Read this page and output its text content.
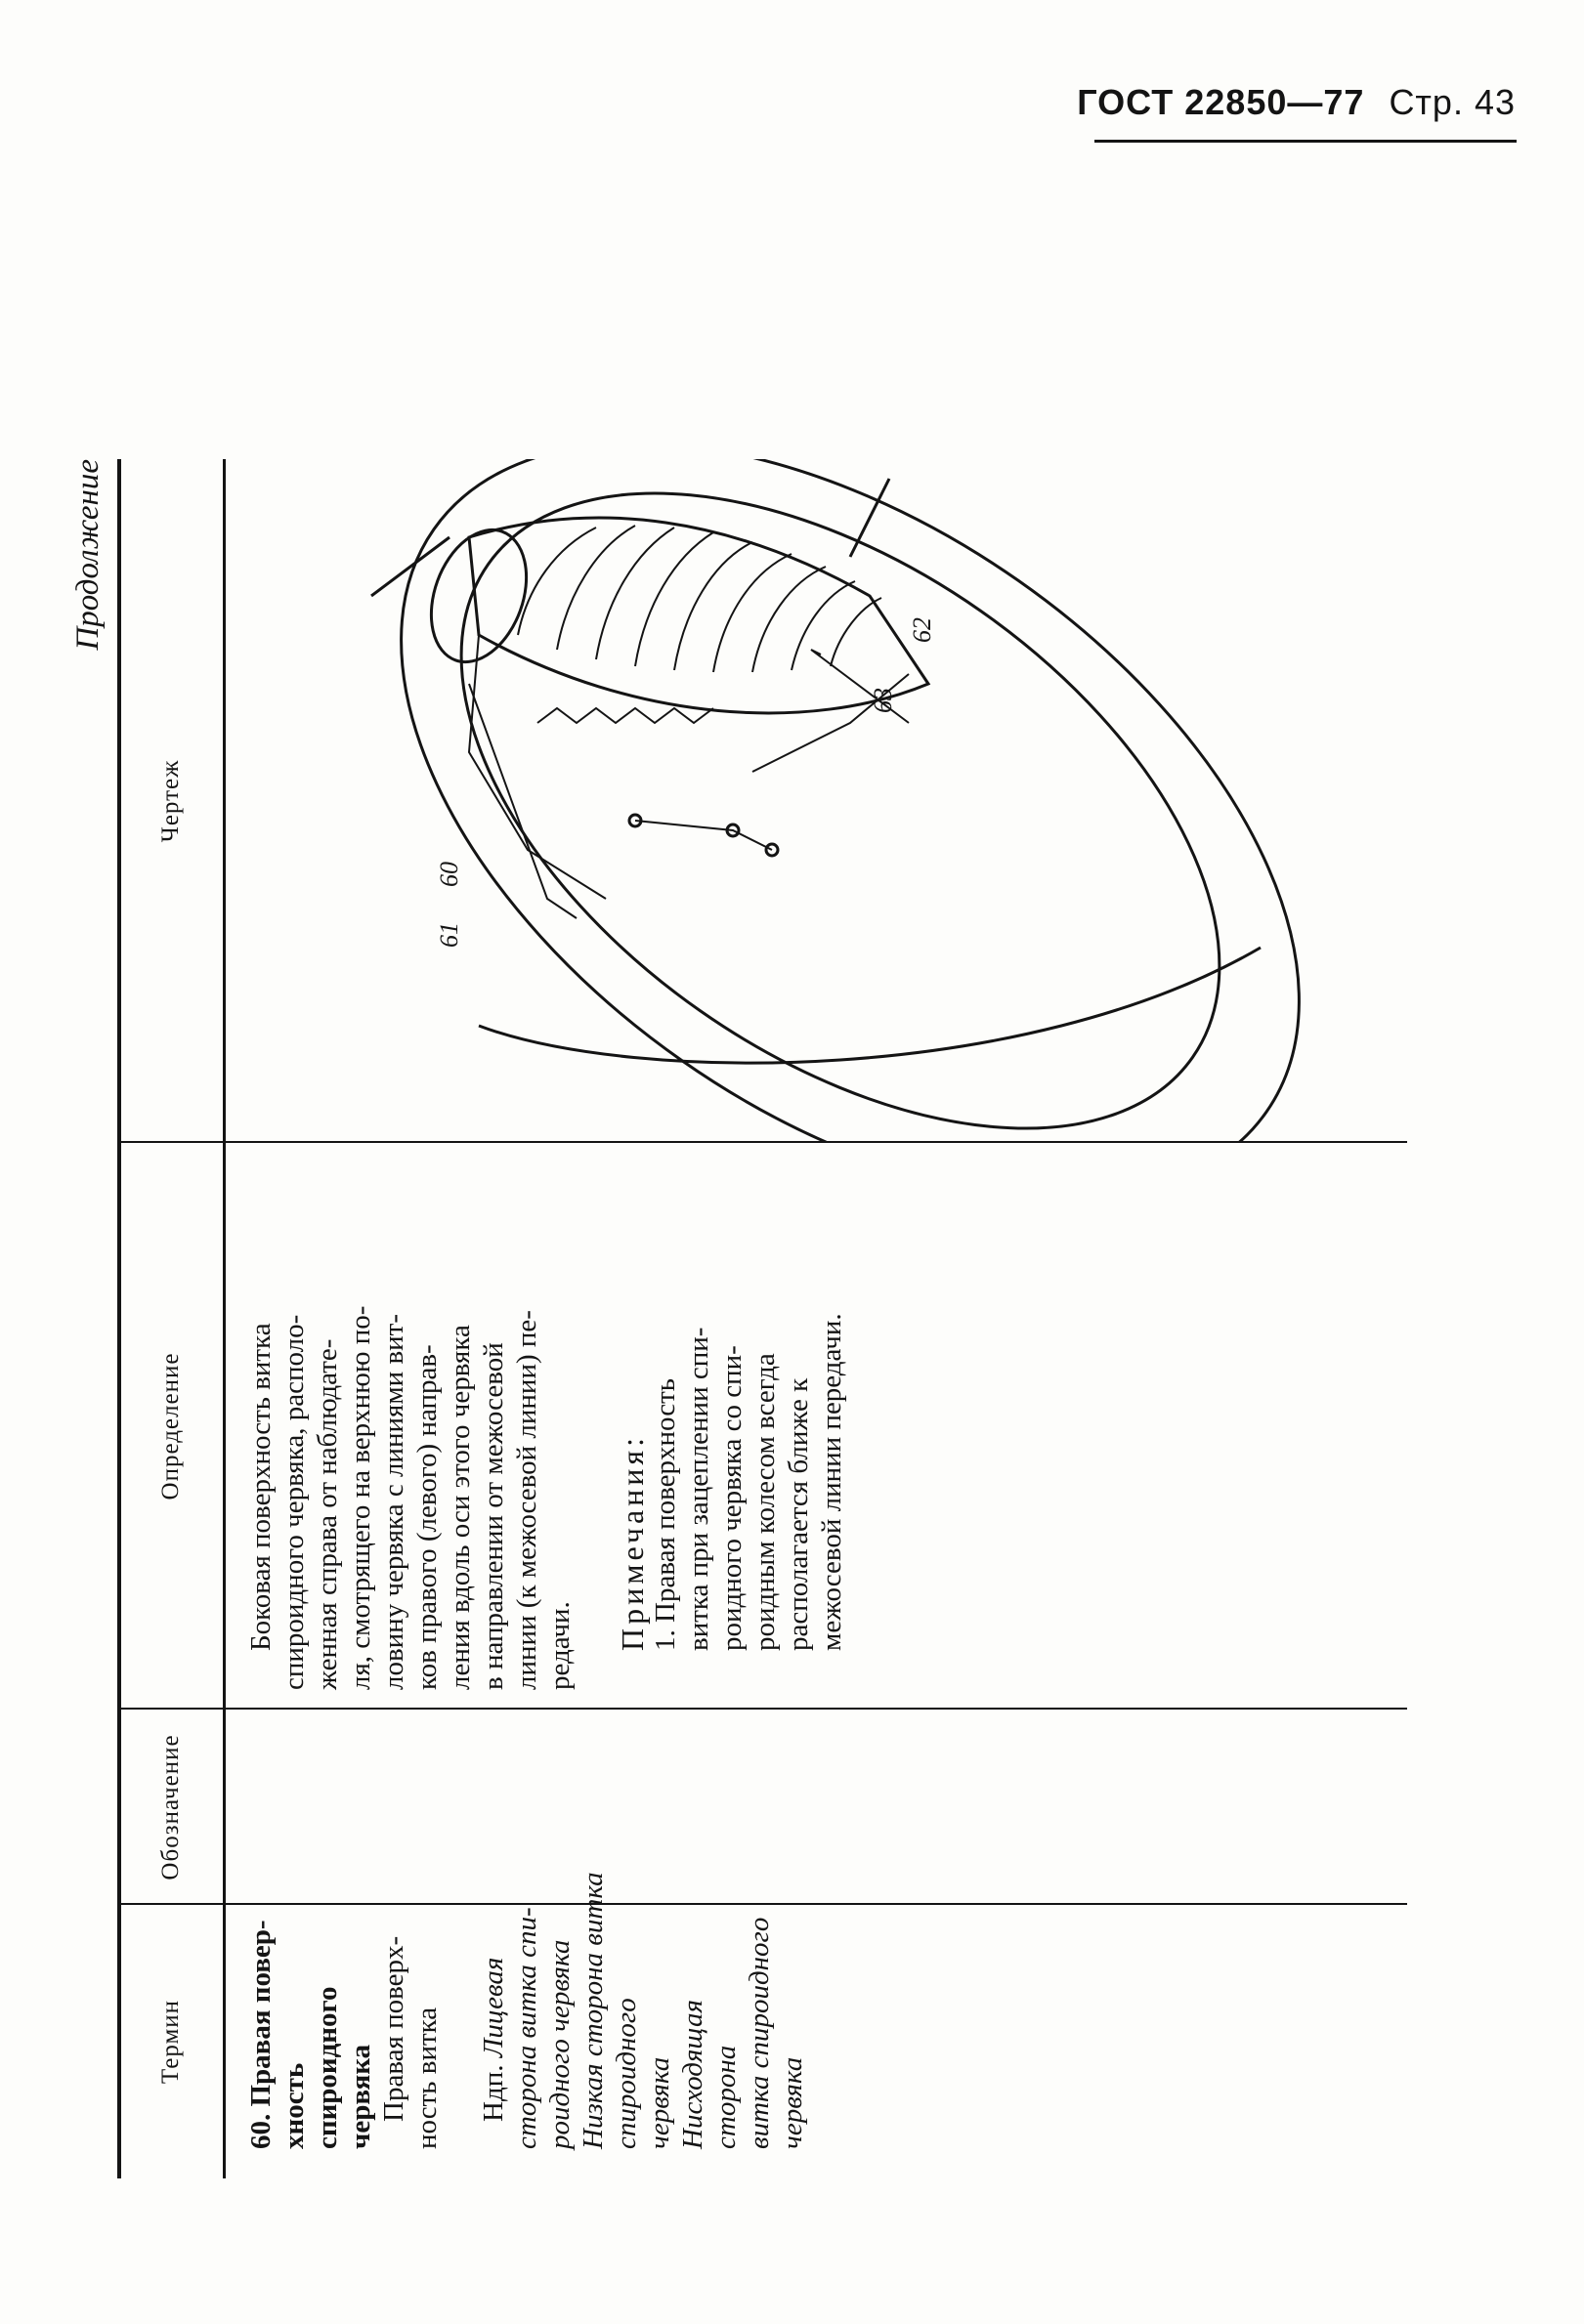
ГОСТ 22850—77 Стр. 43
Продолжение
Термин
Обозначение
Определение
Чертеж

60. Правая повер- хность спироидного червяка Правая поверх- ность витка Ндп. Лицевая сторона витка спи- роидного червяка Низкая сторона витка спироидного червяка Нисходящая сторона витка спироидного червяка

Боковая поверхность витка спироидного червяка, располо- женная справа от наблюдате- ля, смотрящего на верхнюю по- ловину червяка с линиями вит- ков правого (левого) направ- ления вдоль оси этого червяка в направлении от межосевой линии (к межосевой линии) пе- редачи. Примечания: 1. Правая поверхность витка при зацеплении спи- роидного червяка со спи- роидным колесом всегда располагается ближе к межосевой линии передачи.

60
61
62
63
